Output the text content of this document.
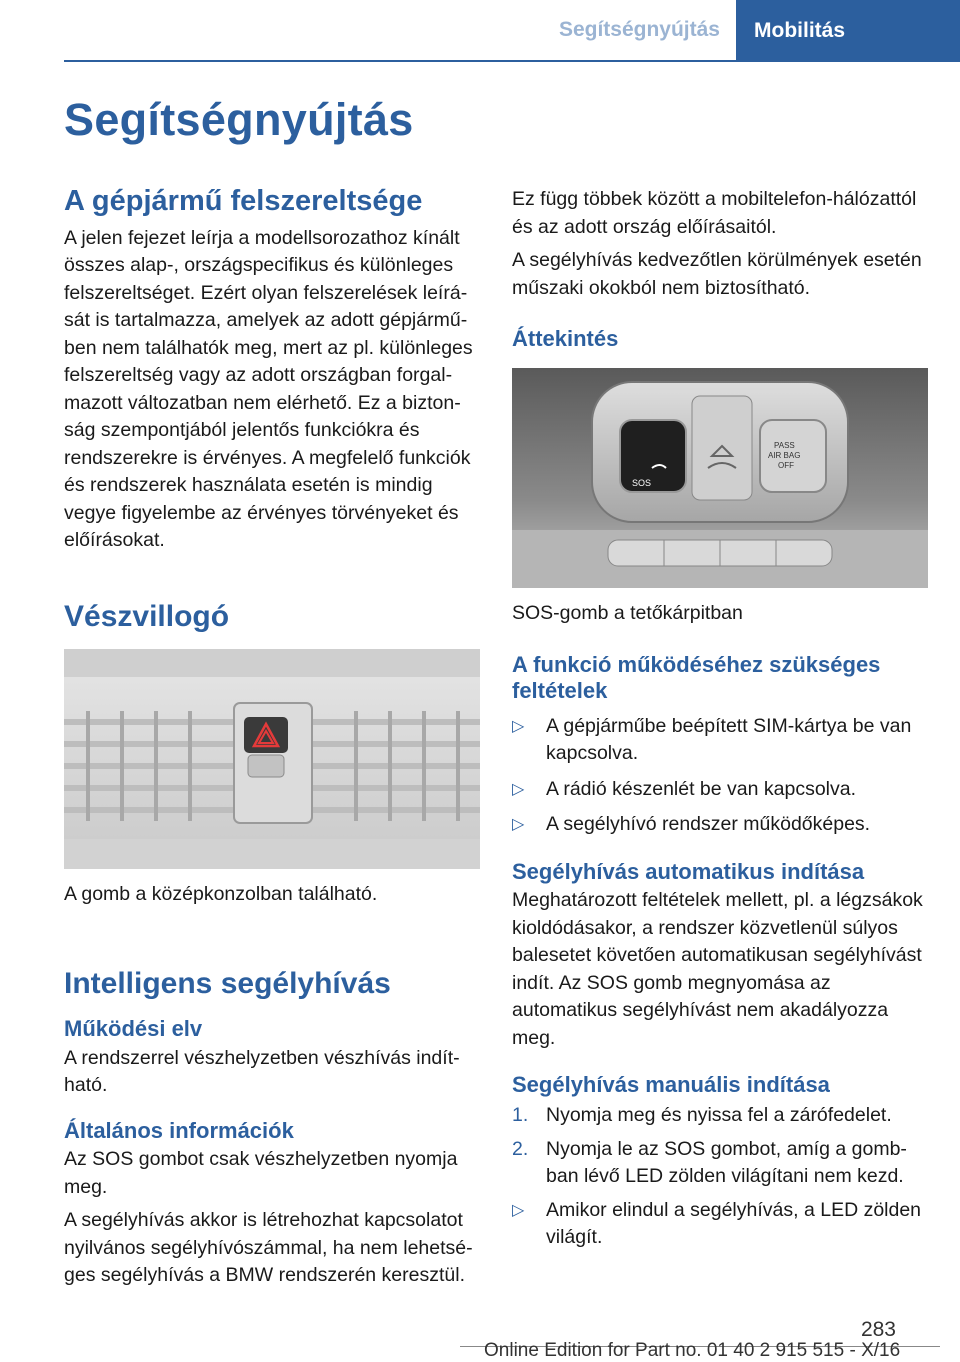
Segítségnyújtás	Mobilitás
Segítségnyújtás
A gépjármű felszereltsége

A jelen fejezet leírja a modellsorozathoz kínált összes alap-, országspecifikus és különleges felszereltséget. Ezért olyan felszerelések leírását is tartalmazza, amelyek az adott gépjárműben nem találhatók meg, mert az pl. különleges felszereltség vagy az adott országban forgalmazott változatban nem elérhető. Ez a biztonság szempontjából jelentős funkciókra és rendszerekre is érvényes. A megfelelő funkciók és rendszerek használata esetén is mindig vegye figyelembe az érvényes törvényeket és előírásokat.

Vészvillogó

A gomb a középkonzolban található.

Intelligens segélyhívás
Működési elv

A rendszerrel vészhelyzetben vészhívás indítható.

Általános információk

Az SOS gombot csak vészhelyzetben nyomja meg.

A segélyhívás akkor is létrehozhat kapcsolatot nyilvános segélyhívószámmal, ha nem lehetséges segélyhívás a BMW rendszerén keresztül.

Ez függ többek között a mobiltelefon-hálózattól és az adott ország előírásaitól.

A segélyhívás kedvezőtlen körülmények esetén műszaki okokból nem biztosítható.

Áttekintés
SOS
PASS
AIR BAG
OFF

SOS-gomb a tetőkárpitban

A funkció működéséhez szükséges feltételek
▷	A gépjárműbe beépített SIM-kártya be van kapcsolva.
▷	A rádió készenlét be van kapcsolva.
▷	A segélyhívó rendszer működőképes.
Segélyhívás automatikus indítása

Meghatározott feltételek mellett, pl. a légzsákok kioldódásakor, a rendszer közvetlenül súlyos balesetet követően automatikusan segélyhívást indít. Az SOS gomb megnyomása az automatikus segélyhívást nem akadályozza meg.

Segélyhívás manuális indítása
1. Nyomja meg és nyissa fel a zárófedelet.
2. Nyomja le az SOS gombot, amíg a gombban lévő LED zölden világítani nem kezd.
▷	Amikor elindul a segélyhívás, a LED zölden világít.
283
Online Edition for Part no. 01 40 2 915 515 - X/16
